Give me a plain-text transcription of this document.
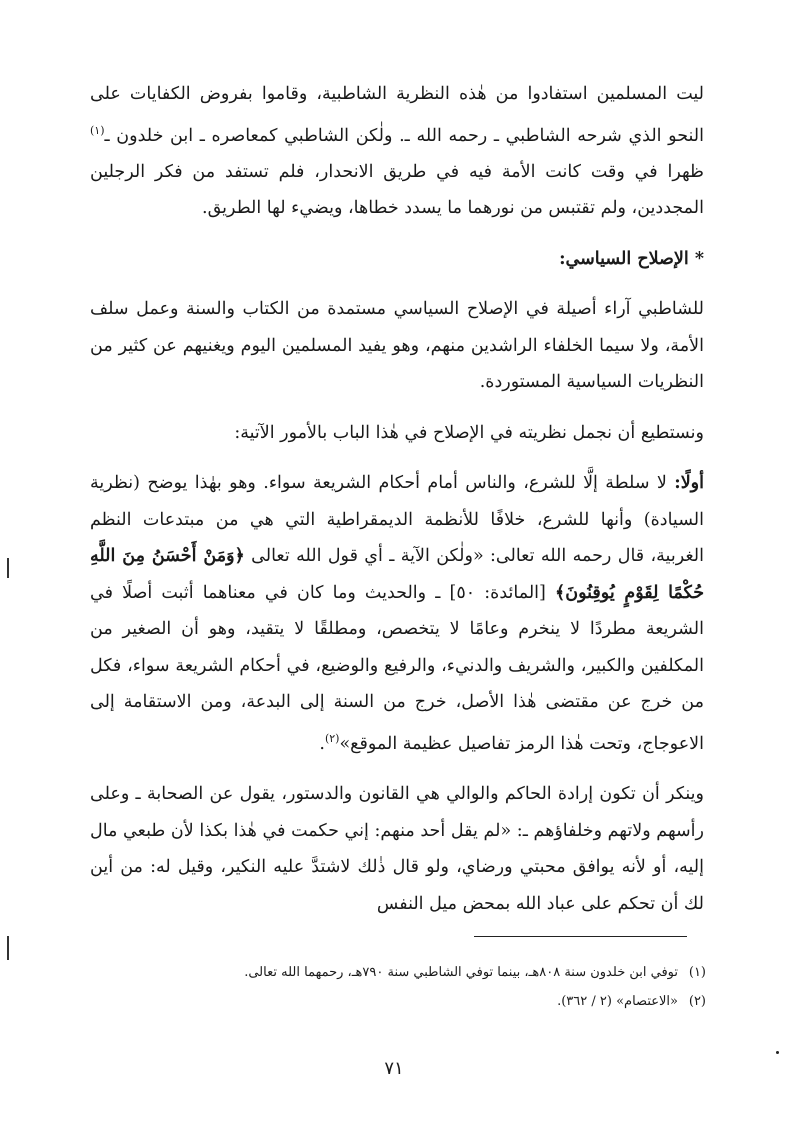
ليت المسلمين استفادوا من هٰذه النظرية الشاطبية، وقاموا بفروض الكفايات على النحو الذي شرحه الشاطبي ـ رحمه الله ـ. ولٰكن الشاطبي كمعاصره ـ ابن خلدون ـ$^{(١)}$ ظهرا في وقت كانت الأمة فيه في طريق الانحدار، فلم تستفد من فكر الرجلين المجددين، ولم تقتبس من نورهما ما يسدد خطاها، ويضيء لها الطريق.

* الإصلاح السياسي:

للشاطبي آراء أصيلة في الإصلاح السياسي مستمدة من الكتاب والسنة وعمل سلف الأمة، ولا سيما الخلفاء الراشدين منهم، وهو يفيد المسلمين اليوم ويغنيهم عن كثير من النظريات السياسية المستوردة.

ونستطيع أن نجمل نظريته في الإصلاح في هٰذا الباب بالأمور الآتية:

أولًا: لا سلطة إلَّا للشرع، والناس أمام أحكام الشريعة سواء. وهو بهٰذا يوضح (نظرية السيادة) وأنها للشرع، خلافًا للأنظمة الديمقراطية التي هي من مبتدعات النظم الغربية، قال رحمه الله تعالى: «ولٰكن الآية ـ أي قول الله تعالى ﴿وَمَنْ أَحْسَنُ مِنَ اللَّهِ حُكْمًا لِقَوْمٍ يُوقِنُونَ﴾ [المائدة: ٥٠] ـ والحديث وما كان في معناهما أثبت أصلًا في الشريعة مطردًا لا ينخرم وعامًا لا يتخصص، ومطلقًا لا يتقيد، وهو أن الصغير من المكلفين والكبير، والشريف والدنيء، والرفيع والوضيع، في أحكام الشريعة سواء، فكل من خرج عن مقتضى هٰذا الأصل، خرج من السنة إلى البدعة، ومن الاستقامة إلى الاعوجاج، وتحت هٰذا الرمز تفاصيل عظيمة الموقع»$^{(٢)}$.

وينكر أن تكون إرادة الحاكم والوالي هي القانون والدستور، يقول عن الصحابة ـ وعلى رأسهم ولاتهم وخلفاؤهم ـ: «لم يقل أحد منهم: إني حكمت في هٰذا بكذا لأن طبعي مال إليه، أو لأنه يوافق محبتي ورضاي، ولو قال ذٰلك لاشتدَّ عليه النكير، وقيل له: من أين لك أن تحكم على عباد الله بمحض ميل النفس

(١)توفي ابن خلدون سنة ٨٠٨هـ، بينما توفي الشاطبي سنة ٧٩٠هـ، رحمهما الله تعالى.

(٢)«الاعتصام» (٢ / ٣٦٢).

٧١
